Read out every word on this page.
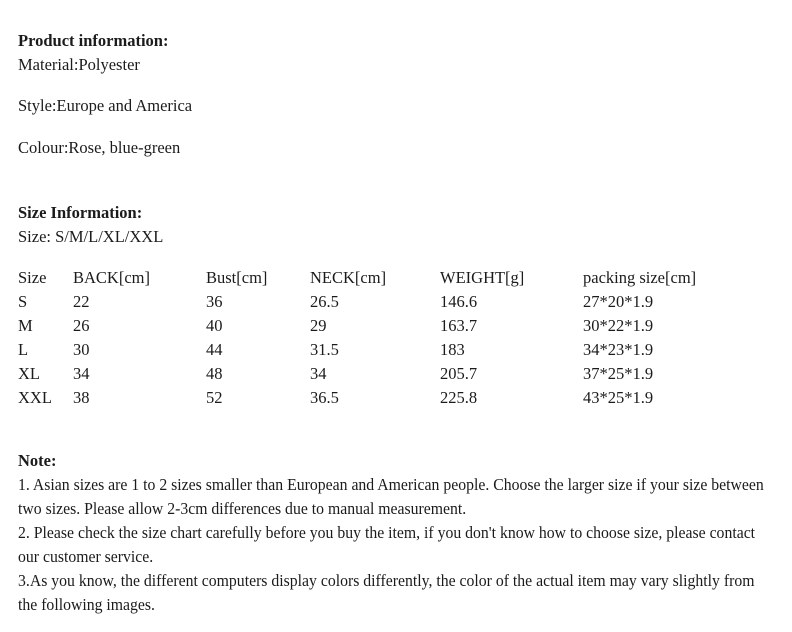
Product information:
Material:Polyester
Style:Europe and America
Colour:Rose, blue-green
Size Information:
Size: S/M/L/XL/XXL
Size	BACK[cm]	Bust[cm]	NECK[cm]	WEIGHT[g]	packing size[cm]
S	22	36	26.5	146.6	27*20*1.9
M	26	40	29	163.7	30*22*1.9
L	30	44	31.5	183	34*23*1.9
XL	34	48	34	205.7	37*25*1.9
XXL	38	52	36.5	225.8	43*25*1.9
Note:
1. Asian sizes are 1 to 2 sizes smaller than European and American people. Choose the larger size if your size between
two sizes. Please allow 2-3cm differences due to manual measurement.
2. Please check the size chart carefully before you buy the item, if you don't know how to choose size, please contact
our customer service.
3.As you know, the different computers display colors differently, the color of the actual item may vary slightly from
the following images.
